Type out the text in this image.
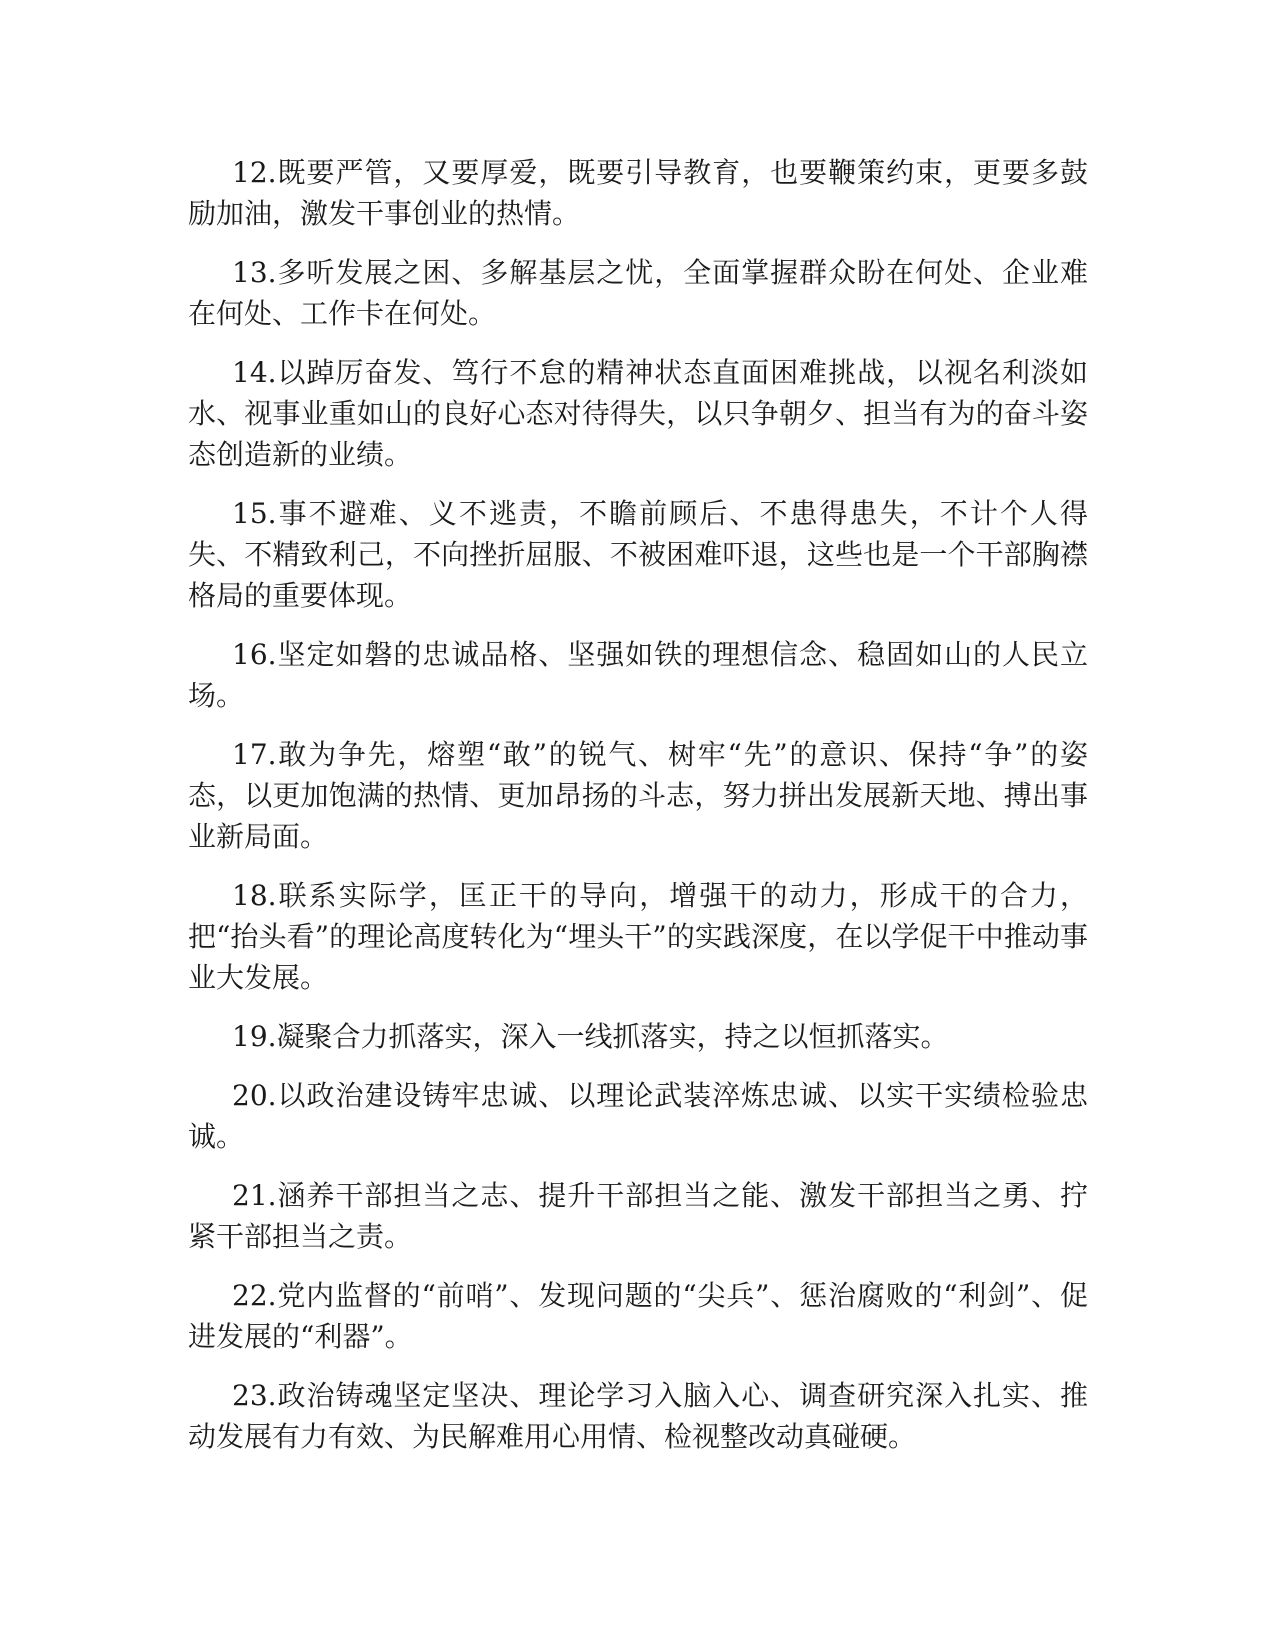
12.既要严管，又要厚爱，既要引导教育，也要鞭策约束，更要多鼓励加油，激发干事创业的热情。

13.多听发展之困、多解基层之忧，全面掌握群众盼在何处、企业难在何处、工作卡在何处。

14.以踔厉奋发、笃行不怠的精神状态直面困难挑战，以视名利淡如水、视事业重如山的良好心态对待得失，以只争朝夕、担当有为的奋斗姿态创造新的业绩。

15.事不避难、义不逃责，不瞻前顾后、不患得患失，不计个人得失、不精致利己，不向挫折屈服、不被困难吓退，这些也是一个干部胸襟格局的重要体现。

16.坚定如磐的忠诚品格、坚强如铁的理想信念、稳固如山的人民立场。

17.敢为争先，熔塑“敢”的锐气、树牢“先”的意识、保持“争”的姿态，以更加饱满的热情、更加昂扬的斗志，努力拼出发展新天地、搏出事业新局面。

18.联系实际学，匡正干的导向，增强干的动力，形成干的合力，把“抬头看”的理论高度转化为“埋头干”的实践深度，在以学促干中推动事业大发展。

19.凝聚合力抓落实，深入一线抓落实，持之以恒抓落实。

20.以政治建设铸牢忠诚、以理论武装淬炼忠诚、以实干实绩检验忠诚。

21.涵养干部担当之志、提升干部担当之能、激发干部担当之勇、拧紧干部担当之责。

22.党内监督的“前哨”、发现问题的“尖兵”、惩治腐败的“利剑”、促进发展的“利器”。

23.政治铸魂坚定坚决、理论学习入脑入心、调查研究深入扎实、推动发展有力有效、为民解难用心用情、检视整改动真碰硬。
